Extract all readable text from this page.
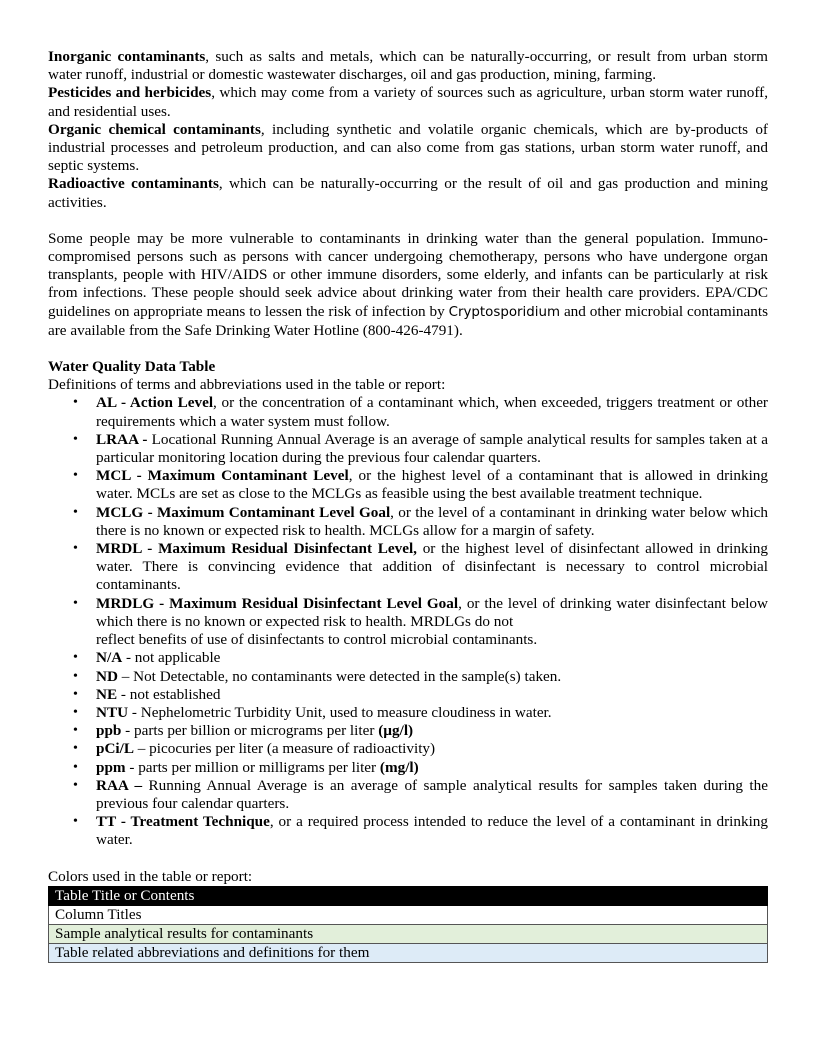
Inorganic contaminants, such as salts and metals, which can be naturally-occurring, or result from urban storm water runoff, industrial or domestic wastewater discharges, oil and gas production, mining, farming.

Pesticides and herbicides, which may come from a variety of sources such as agriculture, urban storm water runoff, and residential uses.

Organic chemical contaminants, including synthetic and volatile organic chemicals, which are by-products of industrial processes and petroleum production, and can also come from gas stations, urban storm water runoff, and septic systems.

Radioactive contaminants, which can be naturally-occurring or the result of oil and gas production and mining activities.

Some people may be more vulnerable to contaminants in drinking water than the general population. Immuno-compromised persons such as persons with cancer undergoing chemotherapy, persons who have undergone organ transplants, people with HIV/AIDS or other immune disorders, some elderly, and infants can be particularly at risk from infections. These people should seek advice about drinking water from their health care providers. EPA/CDC guidelines on appropriate means to lessen the risk of infection by Cryptosporidium and other microbial contaminants are available from the Safe Drinking Water Hotline (800-426-4791).

Water Quality Data Table

Definitions of terms and abbreviations used in the table or report:

• AL - Action Level, or the concentration of a contaminant which, when exceeded, triggers treatment or other requirements which a water system must follow.
• LRAA - Locational Running Annual Average is an average of sample analytical results for samples taken at a particular monitoring location during the previous four calendar quarters.
• MCL - Maximum Contaminant Level, or the highest level of a contaminant that is allowed in drinking water. MCLs are set as close to the MCLGs as feasible using the best available treatment technique.
• MCLG - Maximum Contaminant Level Goal, or the level of a contaminant in drinking water below which there is no known or expected risk to health. MCLGs allow for a margin of safety.
• MRDL - Maximum Residual Disinfectant Level, or the highest level of disinfectant allowed in drinking water. There is convincing evidence that addition of disinfectant is necessary to control microbial contaminants.
• MRDLG - Maximum Residual Disinfectant Level Goal, or the level of drinking water disinfectant below which there is no known or expected risk to health. MRDLGs do not
reflect benefits of use of disinfectants to control microbial contaminants.
• N/A - not applicable
• ND – Not Detectable, no contaminants were detected in the sample(s) taken.
• NE - not established
• NTU - Nephelometric Turbidity Unit, used to measure cloudiness in water.
• ppb - parts per billion or micrograms per liter (µg/l)
• pCi/L – picocuries per liter (a measure of radioactivity)
• ppm - parts per million or milligrams per liter (mg/l)
• RAA – Running Annual Average is an average of sample analytical results for samples taken during the previous four calendar quarters.
• TT - Treatment Technique, or a required process intended to reduce the level of a contaminant in drinking water.

Colors used in the table or report:

Table Title or Contents
Column Titles
Sample analytical results for contaminants
Table related abbreviations and definitions for them
